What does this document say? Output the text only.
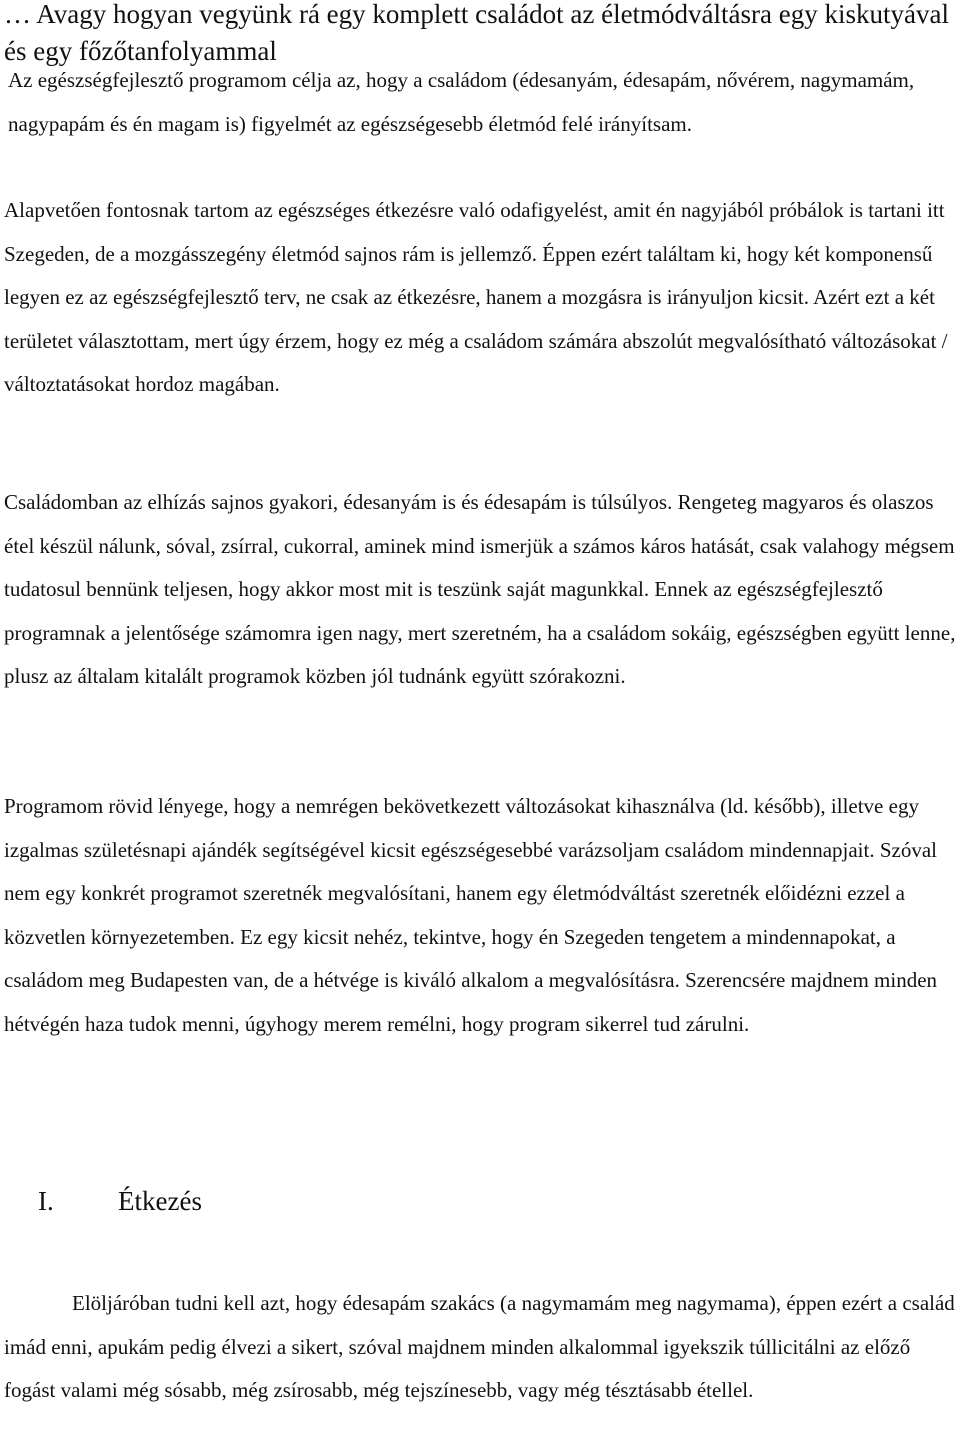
… Avagy hogyan vegyünk rá egy komplett családot az életmódváltásra egy kiskutyával és egy főzőtanfolyammal

Az egészségfejlesztő programom célja az, hogy a családom (édesanyám, édesapám, nővérem, nagymamám, nagypapám és én magam is) figyelmét az egészségesebb életmód felé irányítsam.

Alapvetően fontosnak tartom az egészséges étkezésre való odafigyelést, amit én nagyjából próbálok is tartani itt Szegeden, de a mozgásszegény életmód sajnos rám is jellemző. Éppen ezért találtam ki, hogy két komponensű legyen ez az egészségfejlesztő terv, ne csak az étkezésre, hanem a mozgásra is irányuljon kicsit. Azért ezt a két területet választottam, mert úgy érzem, hogy ez még a családom számára abszolút megvalósítható változásokat / változtatásokat hordoz magában.

Családomban az elhízás sajnos gyakori, édesanyám is és édesapám is túlsúlyos. Rengeteg magyaros és olaszos étel készül nálunk, sóval, zsírral, cukorral, aminek mind ismerjük a számos káros hatását, csak valahogy mégsem tudatosul bennünk teljesen, hogy akkor most mit is teszünk saját magunkkal. Ennek az egészségfejlesztő programnak a jelentősége számomra igen nagy, mert szeretném, ha a családom sokáig, egészségben együtt lenne, plusz az általam kitalált programok közben jól tudnánk együtt szórakozni.

Programom rövid lényege, hogy a nemrégen bekövetkezett változásokat kihasználva (ld. később), illetve egy izgalmas születésnapi ajándék segítségével kicsit egészségesebbé varázsoljam családom mindennapjait. Szóval nem egy konkrét programot szeretnék megvalósítani, hanem egy életmódváltást szeretnék előidézni ezzel a közvetlen környezetemben. Ez egy kicsit nehéz, tekintve, hogy én Szegeden tengetem a mindennapokat, a családom meg Budapesten van, de a hétvége is kiváló alkalom a megvalósításra. Szerencsére majdnem minden hétvégén haza tudok menni, úgyhogy merem remélni, hogy program sikerrel tud zárulni.

I. Étkezés

Elöljáróban tudni kell azt, hogy édesapám szakács (a nagymamám meg nagymama), éppen ezért a család imád enni, apukám pedig élvezi a sikert, szóval majdnem minden alkalommal igyekszik túllicitálni az előző fogást valami még sósabb, még zsírosabb, még tejszínesebb, vagy még tésztásabb étellel.
